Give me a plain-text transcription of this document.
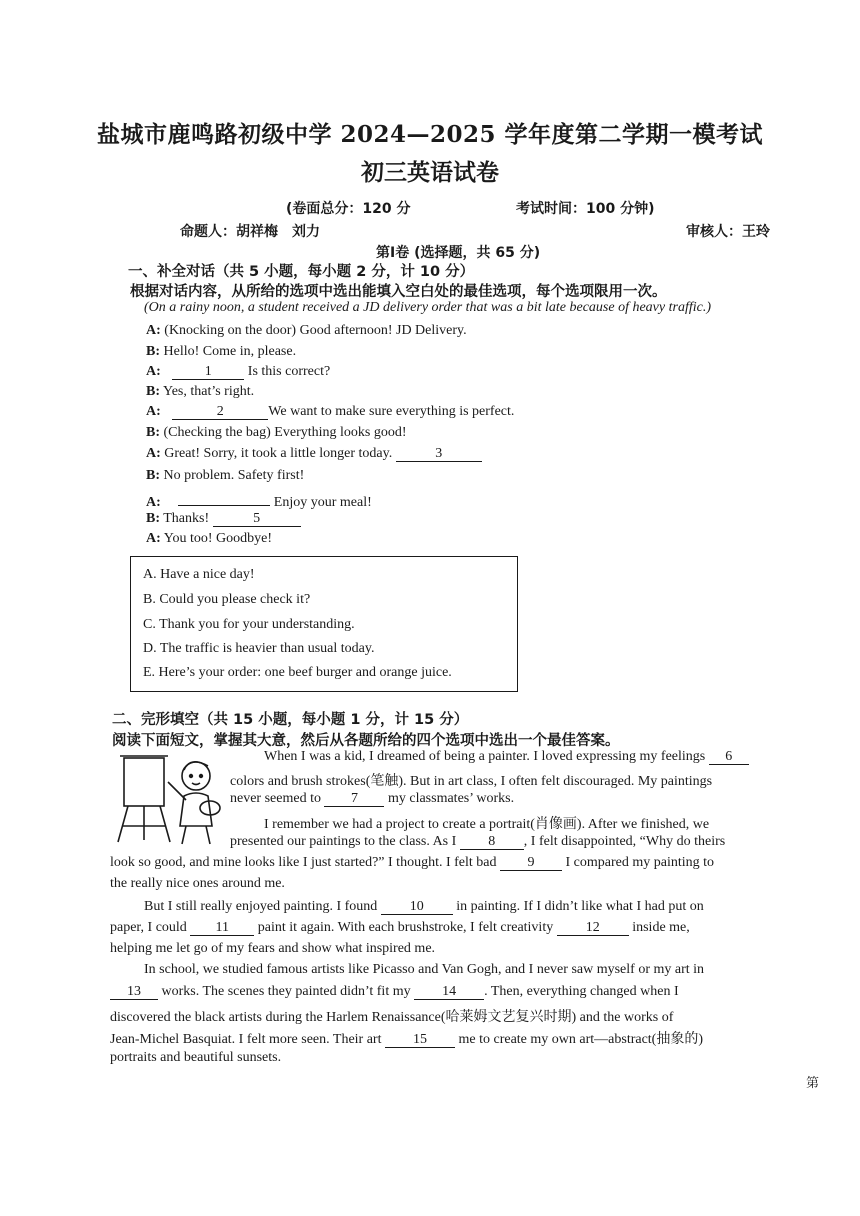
盐城市鹿鸣路初级中学 2024—2025 学年度第二学期一模考试
初三英语试卷
(卷面总分：120 分	考试时间：100 分钟)
命题人：胡祥梅　刘力	审核人：王玲
第Ⅰ卷 (选择题，共 65 分)
一、补全对话（共 5 小题，每小题 2 分，计 10 分）
根据对话内容，从所给的选项中选出能填入空白处的最佳选项，每个选项限用一次。
(On a rainy noon, a student received a JD delivery order that was a bit late because of heavy traffic.)
A: (Knocking on the door) Good afternoon! JD Delivery.
B: Hello! Come in, please.
A:	1	Is this correct?
B: Yes, that’s right.
A:	2	We want to make sure everything is perfect.
B: (Checking the bag) Everything looks good!
A: Great! Sorry, it took a little longer today.	3
B: No problem. Safety first!
A:	Enjoy your meal!
B: Thanks!	5
A: You too! Goodbye!
A. Have a nice day!
B. Could you please check it?
C. Thank you for your understanding.
D. The traffic is heavier than usual today.
E. Here’s your order: one beef burger and orange juice.
二、完形填空（共 15 小题，每小题 1 分，计 15 分）
阅读下面短文，掌握其大意，然后从各题所给的四个选项中选出一个最佳答案。
When I was a kid, I dreamed of being a painter. I loved expressing my feelings 6
colors and brush strokes(笔触). But in art class, I often felt discouraged. My paintings
never seemed to 7 my classmates’ works.
I remember we had a project to create a portrait(肖像画). After we finished, we
presented our paintings to the class. As I 8 , I felt disappointed, “Why do theirs
look so good, and mine looks like I just started?” I thought. I felt bad 9 I compared my painting to
the really nice ones around me.
But I still really enjoyed painting. I found 10 in painting. If I didn’t like what I had put on
paper, I could 11 paint it again. With each brushstroke, I felt creativity 12 inside me,
helping me let go of my fears and show what inspired me.
In school, we studied famous artists like Picasso and Van Gogh, and I never saw myself or my art in
13 works. The scenes they painted didn’t fit my 14 . Then, everything changed when I
discovered the black artists during the Harlem Renaissance(哈莱姆文艺复兴时期) and the works of
Jean-Michel Basquiat. I felt more seen. Their art 15 me to create my own art—abstract(抽象的)
portraits and beautiful sunsets.
第
